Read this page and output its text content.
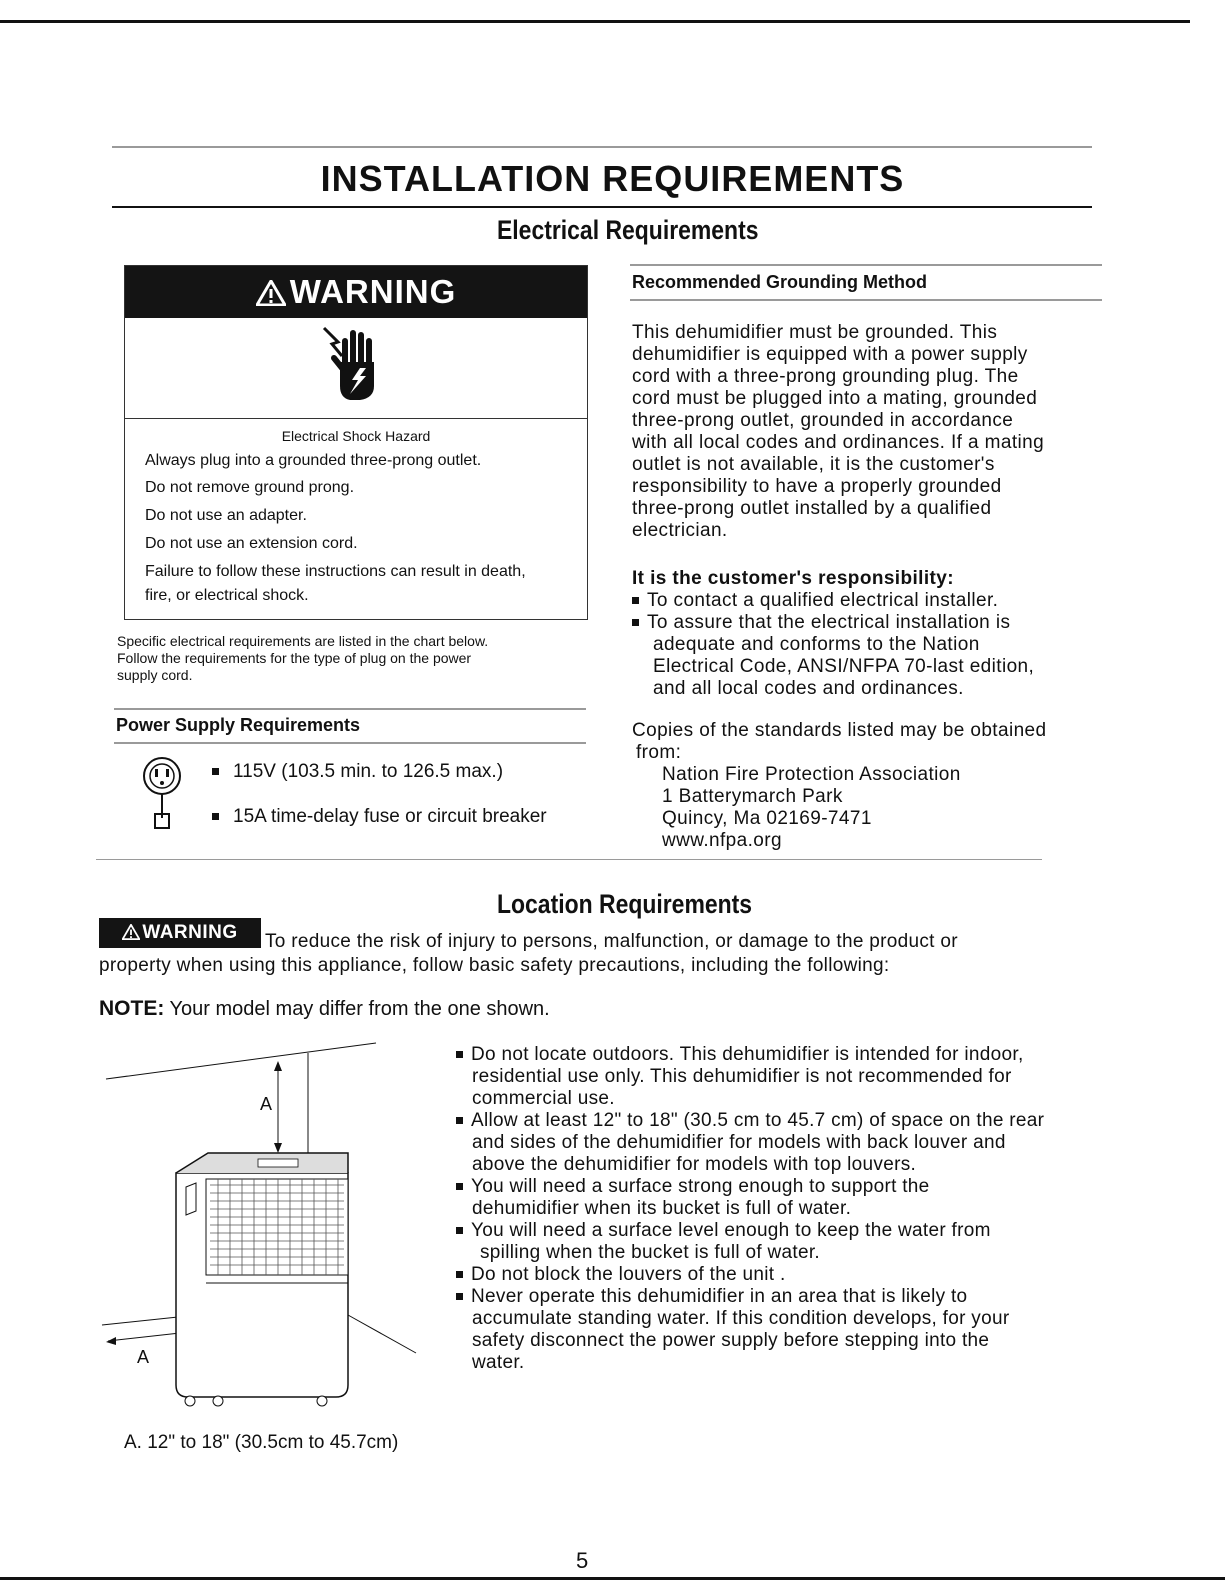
INSTALLATION REQUIREMENTS
Electrical Requirements
WARNING
Electrical Shock Hazard
Always plug into a grounded three-prong outlet.
Do not remove ground prong.
Do not use an adapter.
Do not use an extension cord.
Failure to follow these instructions can result in death,
fire, or electrical shock.
Specific electrical requirements are listed in the chart below.
Follow the requirements for the type of plug on the power
supply cord.
Power Supply Requirements
115V (103.5 min. to 126.5 max.)
15A time-delay fuse or circuit breaker
Recommended Grounding Method
This dehumidifier must be grounded. This
dehumidifier is equipped with a power supply
cord with a three-prong grounding plug. The
cord must be plugged into a mating, grounded
three-prong outlet, grounded in accordance
with all local codes and ordinances. If a mating
outlet is not available, it is the customer's
responsibility to have a properly grounded
three-prong outlet installed by a qualified
electrician.
It is the customer's responsibility:
To contact a qualified electrical installer.
To assure that the electrical installation is
adequate and conforms to the Nation
Electrical Code, ANSI/NFPA 70-last edition,
and all local codes and ordinances.
Copies of the standards listed may be obtained
from:
Nation Fire Protection Association
1 Batterymarch Park
Quincy, Ma 02169-7471
www.nfpa.org
Location Requirements
WARNING	To reduce the risk of injury to persons, malfunction, or damage to the product or
property when using this appliance, follow basic safety precautions, including the following:
NOTE: Your model may differ from the one shown.
A
A
A. 12" to 18" (30.5cm to 45.7cm)
Do not locate outdoors. This dehumidifier is intended for indoor,
residential use only. This dehumidifier is not recommended for
commercial use.
Allow at least 12" to 18" (30.5 cm to 45.7 cm) of space on the rear
and sides of the dehumidifier for models with back louver and
above the dehumidifier for models with top louvers.
You will need a surface strong enough to support the
dehumidifier when its bucket is full of water.
You will need a surface level enough to keep the water from
spilling when the bucket is full of water.
Do not block the louvers of the unit .
Never operate this dehumidifier in an area that is likely to
accumulate standing water. If this condition develops, for your
safety disconnect the power supply before stepping into the
water.
5
